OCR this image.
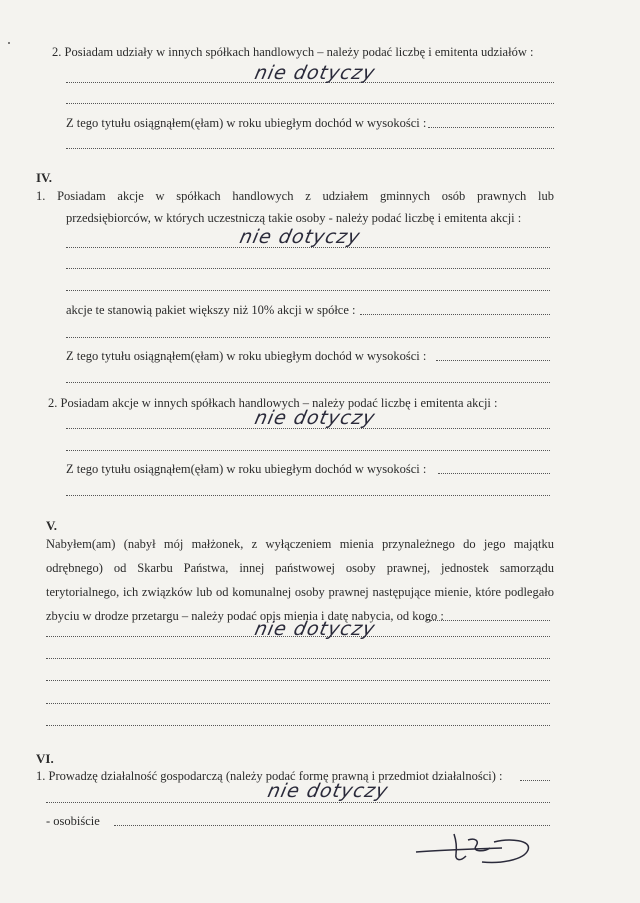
2. Posiadam udziały w innych spółkach handlowych – należy podać liczbę i emitenta udziałów :
nie dotyczy
Z tego tytułu osiągnąłem(ęłam) w roku ubiegłym dochód w wysokości :
IV.
1. Posiadam akcje w spółkach handlowych z udziałem gminnych osób prawnych lub
przedsiębiorców, w których uczestniczą takie osoby - należy podać liczbę i emitenta akcji :
nie dotyczy
akcje te stanowią pakiet większy niż 10% akcji w spółce :
Z tego tytułu osiągnąłem(ęłam) w roku ubiegłym dochód w wysokości :
2. Posiadam akcje w innych spółkach handlowych – należy podać liczbę i emitenta akcji :
nie dotyczy
Z tego tytułu osiągnąłem(ęłam) w roku ubiegłym dochód w wysokości :
V.
Nabyłem(am) (nabył mój małżonek, z wyłączeniem mienia przynależnego do jego majątku
odrębnego) od Skarbu Państwa, innej państwowej osoby prawnej, jednostek samorządu
terytorialnego, ich związków lub od komunalnej osoby prawnej następujące mienie, które podlegało
zbyciu w drodze przetargu – należy podać opis mienia i datę nabycia, od kogo :
nie dotyczy
VI.
1. Prowadzę działalność gospodarczą (należy podać formę prawną i przedmiot działalności) :
nie dotyczy
- osobiście
